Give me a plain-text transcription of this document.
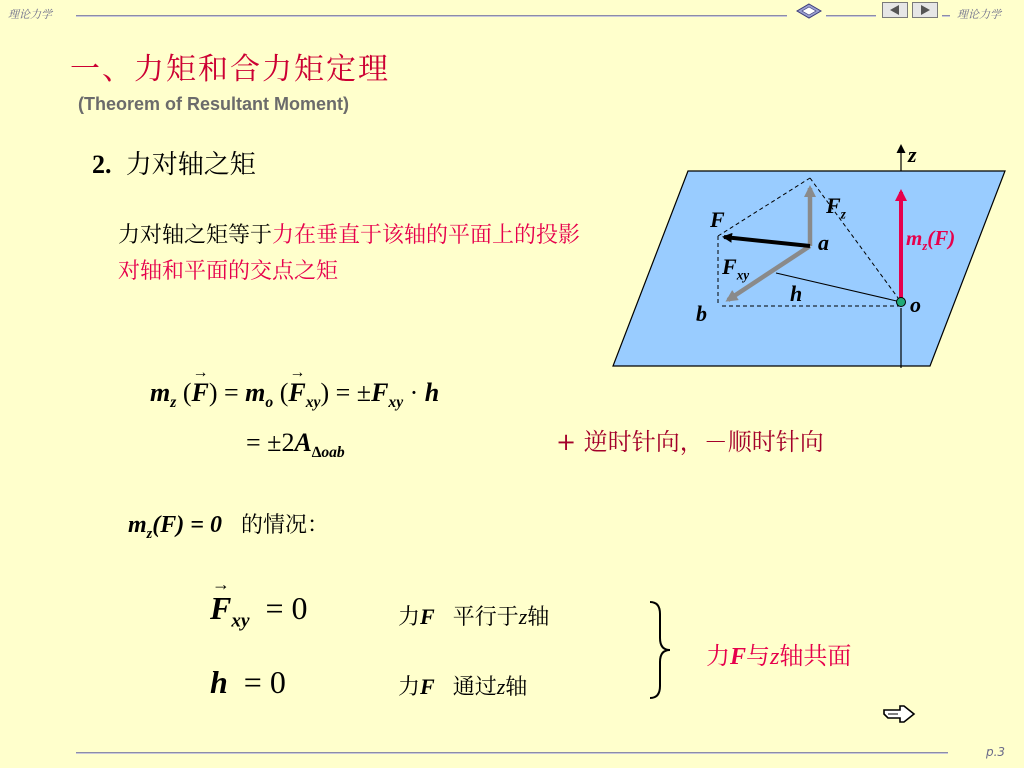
理论力学	理论力学
一、力矩和合力矩定理
(Theorem of Resultant Moment)
2. 力对轴之矩
力对轴之矩等于力在垂直于该轴的平面上的投影对轴和平面的交点之矩
z
F
$F_z$
a
$F_{xy}$
h
b	o
$m_z(F)$
$m_z$ (F
→
) = $m_o$ (F
→
$_{xy}) = \pm F_{xy} \cdot h$
= $\pm 2A_{\Delta oab}$	+ 逆时针向，－顺时针向
$m_z(F) = 0$ 的情况：
F
→
$_{xy}$ = 0	力F 平行于z轴
h = 0	力F 通过z轴
力F与z轴共面
p.3
